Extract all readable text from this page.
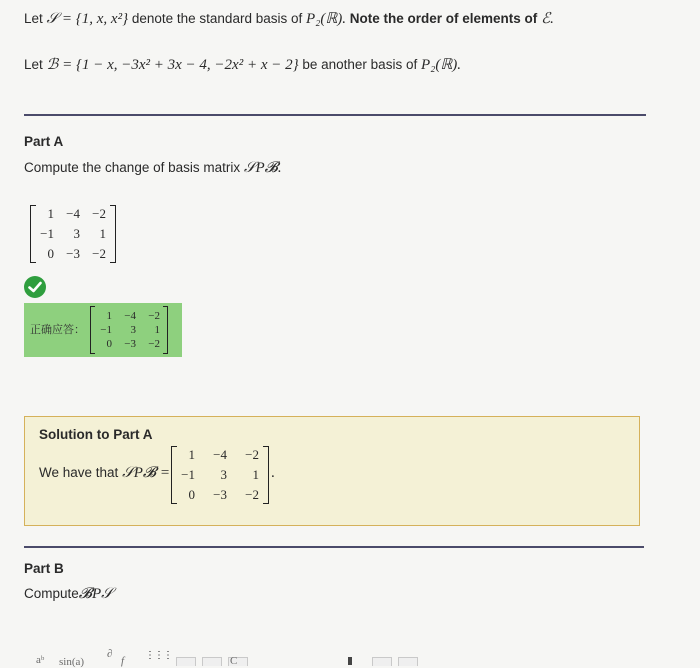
Let 𝒮 = {1, x, x²} denote the standard basis of P₂(ℝ). Note the order of elements of ℰ.
Let ℬ = {1 − x, −3x² + 3x − 4, −2x² + x − 2} be another basis of P₂(ℝ).
Part A
Compute the change of basis matrix 𝒮P𝓑.
1 −4 −2
−1	3	1
0 −3 −2
正确应答：
1 −4 −2
−1	3	1
0 −3 −2
Solution to Part A
We have that 𝒮P𝓑 =
1 −4 −2
−1	3	1
0 −3 −2
.
Part B
Compute𝓑P𝒮
aᵇ sin(a)
∂
f ⋮⋮⋮	C
